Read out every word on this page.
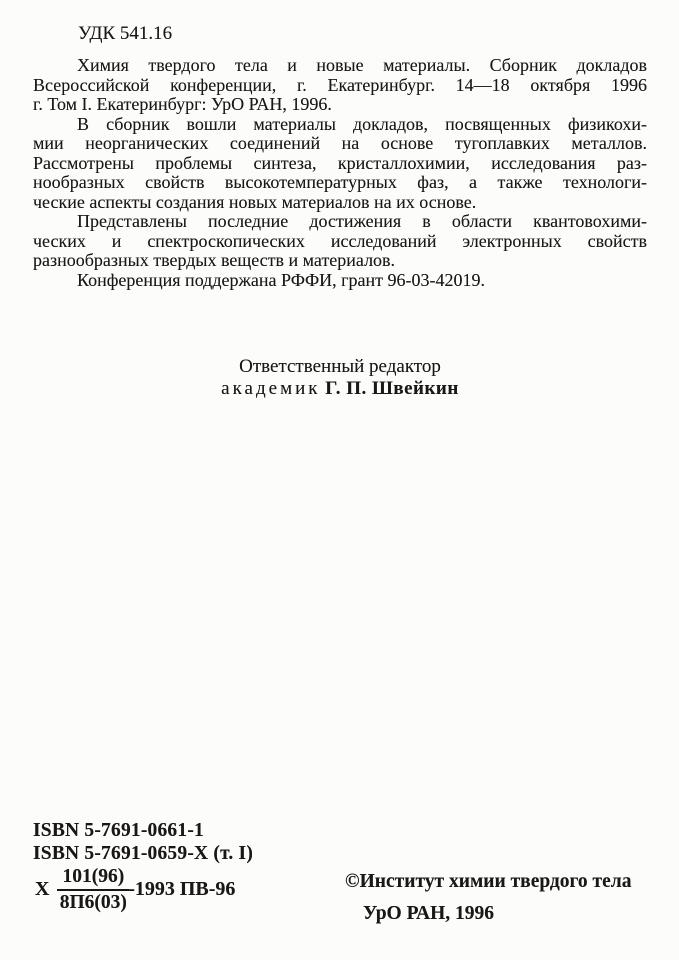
УДК 541.16
Химия твердого тела и новые материалы. Сборник докладов
Всероссийской конференции, г. Екатеринбург. 14—18 октября 1996
г. Том I. Екатеринбург: УрО РАН, 1996.
В сборник вошли материалы докладов, посвященных физикохи-
мии неорганических соединений на основе тугоплавких металлов.
Рассмотрены проблемы синтеза, кристаллохимии, исследования раз-
нообразных свойств высокотемпературных фаз, а также технологи-
ческие аспекты создания новых материалов на их основе.
Представлены последние достижения в области квантовохими-
ческих и спектроскопических исследований электронных свойств
разнообразных твердых веществ и материалов.
Конференция поддержана РФФИ, грант 96-03-42019.
Ответственный редактор
академик Г. П. Швейкин
ISBN 5-7691-0661-1
ISBN 5-7691-0659-X (т. I)
Х $\frac{101(96)}{8П6(03)} -1993$ ПВ-96	©Институт химии твердого тела
УрО РАН, 1996
